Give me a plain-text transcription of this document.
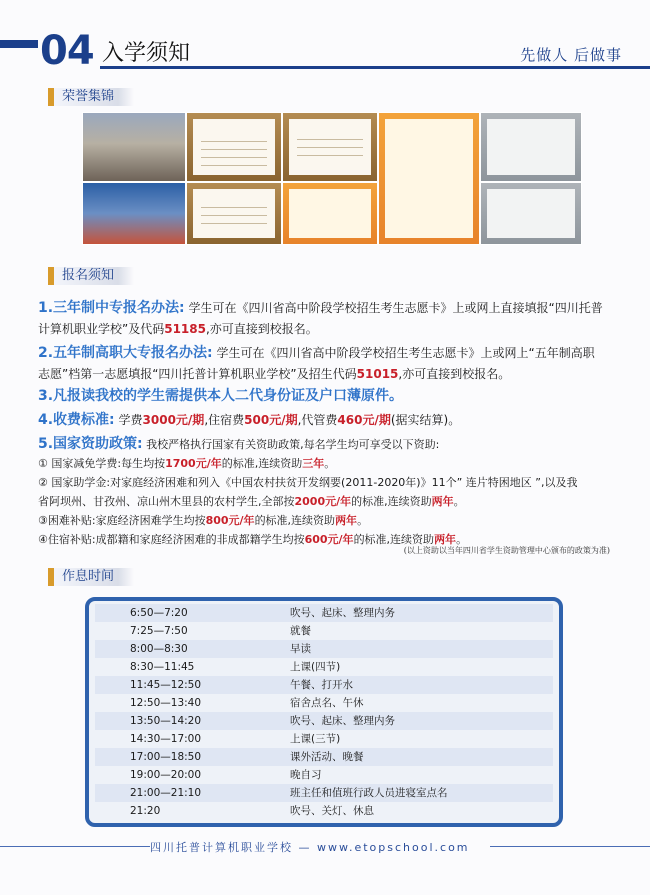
04 入学须知	先做人 后做事
荣誉集锦
报名须知
1.三年制中专报名办法: 学生可在《四川省高中阶段学校招生考生志愿卡》上或网上直接填报“四川托普
计算机职业学校”及代码51185,亦可直接到校报名。
2.五年制高职大专报名办法: 学生可在《四川省高中阶段学校招生考生志愿卡》上或网上“五年制高职
志愿”档第一志愿填报“四川托普计算机职业学校”及招生代码51015,亦可直接到校报名。
3.凡报读我校的学生需提供本人二代身份证及户口薄原件。
4.收费标准: 学费3000元/期,住宿费500元/期,代管费460元/期(据实结算)。
5.国家资助政策: 我校严格执行国家有关资助政策,每名学生均可享受以下资助:
① 国家减免学费:每生均按1700元/年的标准,连续资助三年。
② 国家助学金:对家庭经济困难和列入《中国农村扶贫开发纲要(2011-2020年)》11个” 连片特困地区 ”,以及我
省阿坝州、甘孜州、凉山州木里县的农村学生,全部按2000元/年的标准,连续资助两年。
③困难补贴:家庭经济困难学生均按800元/年的标准,连续资助两年。
④住宿补贴:成都籍和家庭经济困难的非成都籍学生均按600元/年的标准,连续资助两年。
(以上资助以当年四川省学生资助管理中心颁布的政策为准)
作息时间
6:50—7:20	吹号、起床、整理内务
7:25—7:50	就餐
8:00—8:30	早读
8:30—11:45	上课(四节)
11:45—12:50	午餐、打开水
12:50—13:40	宿舍点名、午休
13:50—14:20	吹号、起床、整理内务
14:30—17:00	上课(三节)
17:00—18:50	课外活动、晚餐
19:00—20:00	晚自习
21:00—21:10	班主任和值班行政人员进寝室点名
21:20	吹号、关灯、休息
四川托普计算机职业学校 — www.etopschool.com
